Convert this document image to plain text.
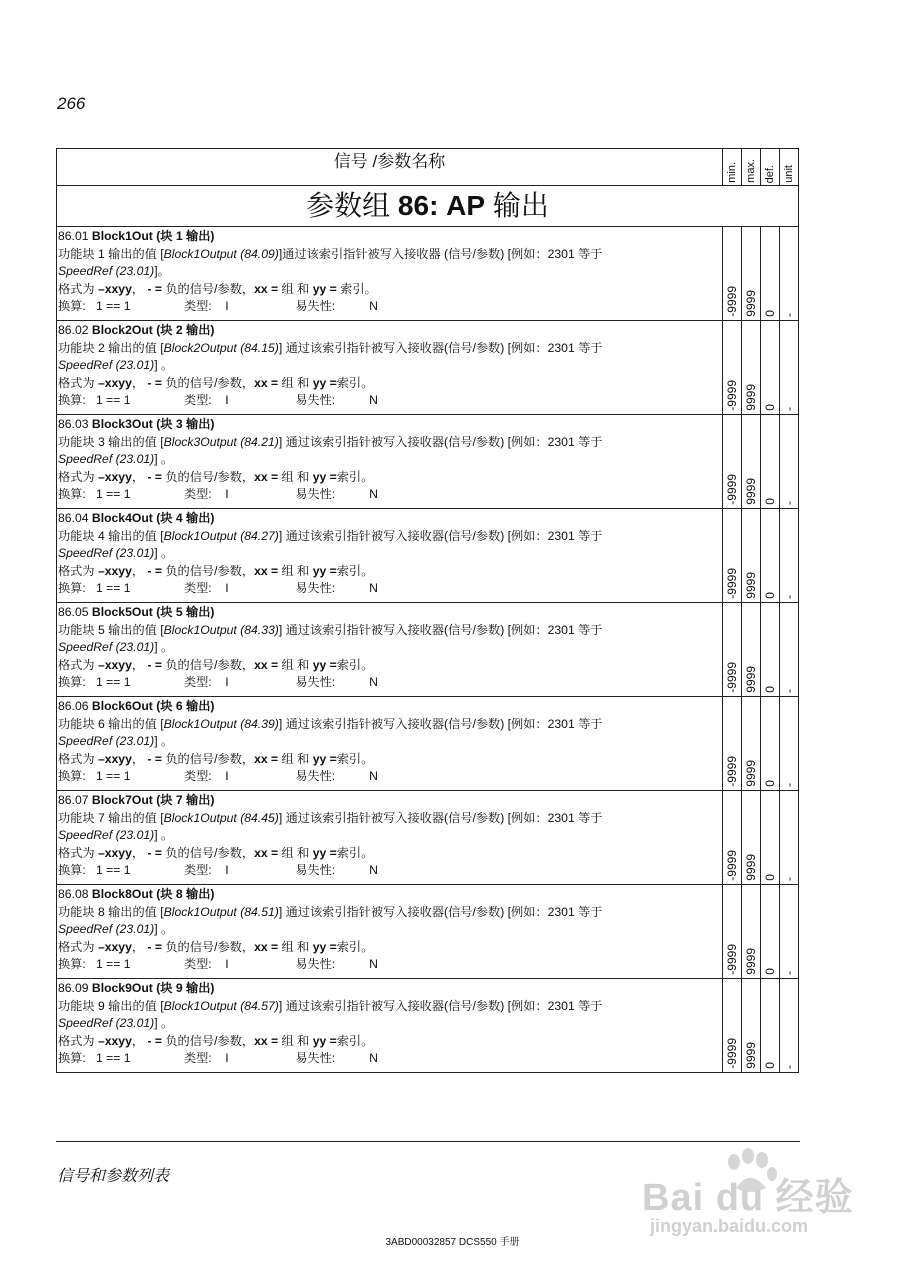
266
信号 /参数名称	min.	max.	def.	unit

参数组 86: AP 输出				

86.01 Block1Out (块 1 输出)
功能块 1 输出的值 [Block1Output (84.09)]通过该索引指针被写入接收器 (信号/参数) [例如：2301 等于
SpeedRef (23.01)]。
格式为 –xxyy， - = 负的信号/参数，xx = 组 和 yy = 索引。
换算: 1 == 1 类型: I 易失性: N	-9999	9999	0	-

86.02 Block2Out (块 2 输出)
功能块 2 输出的值 [Block2Output (84.15)] 通过该索引指针被写入接收器(信号/参数) [例如：2301 等于
SpeedRef (23.01)] 。
格式为 –xxyy， - = 负的信号/参数，xx = 组 和 yy =索引。
换算: 1 == 1 类型: I 易失性: N	-9999	9999	0	-

86.03 Block3Out (块 3 输出)
功能块 3 输出的值 [Block3Output (84.21)] 通过该索引指针被写入接收器(信号/参数) [例如：2301 等于
SpeedRef (23.01)] 。
格式为 –xxyy， - = 负的信号/参数，xx = 组 和 yy =索引。
换算: 1 == 1 类型: I 易失性: N	-9999	9999	0	-

86.04 Block4Out (块 4 输出)
功能块 4 输出的值 [Block1Output (84.27)] 通过该索引指针被写入接收器(信号/参数) [例如：2301 等于
SpeedRef (23.01)] 。
格式为 –xxyy， - = 负的信号/参数，xx = 组 和 yy =索引。
换算: 1 == 1 类型: I 易失性: N	-9999	9999	0	-

86.05 Block5Out (块 5 输出)
功能块 5 输出的值 [Block1Output (84.33)] 通过该索引指针被写入接收器(信号/参数) [例如：2301 等于
SpeedRef (23.01)] 。
格式为 –xxyy， - = 负的信号/参数，xx = 组 和 yy =索引。
换算: 1 == 1 类型: I 易失性: N	-9999	9999	0	-

86.06 Block6Out (块 6 输出)
功能块 6 输出的值 [Block1Output (84.39)] 通过该索引指针被写入接收器(信号/参数) [例如：2301 等于
SpeedRef (23.01)] 。
格式为 –xxyy， - = 负的信号/参数，xx = 组 和 yy =索引。
换算: 1 == 1 类型: I 易失性: N	-9999	9999	0	-

86.07 Block7Out (块 7 输出)
功能块 7 输出的值 [Block1Output (84.45)] 通过该索引指针被写入接收器(信号/参数) [例如：2301 等于
SpeedRef (23.01)] 。
格式为 –xxyy， - = 负的信号/参数，xx = 组 和 yy =索引。
换算: 1 == 1 类型: I 易失性: N	-9999	9999	0	-

86.08 Block8Out (块 8 输出)
功能块 8 输出的值 [Block1Output (84.51)] 通过该索引指针被写入接收器(信号/参数) [例如：2301 等于
SpeedRef (23.01)] 。
格式为 –xxyy， - = 负的信号/参数，xx = 组 和 yy =索引。
换算: 1 == 1 类型: I 易失性: N	-9999	9999	0	-

86.09 Block9Out (块 9 输出)
功能块 9 输出的值 [Block1Output (84.57)] 通过该索引指针被写入接收器(信号/参数) [例如：2301 等于
SpeedRef (23.01)] 。
格式为 –xxyy， - = 负的信号/参数，xx = 组 和 yy =索引。
换算: 1 == 1 类型: I 易失性: N	-9999	9999	0	-
信号和参数列表
Bai du 经验
jingyan.baidu.com
3ABD00032857 DCS550 手册
